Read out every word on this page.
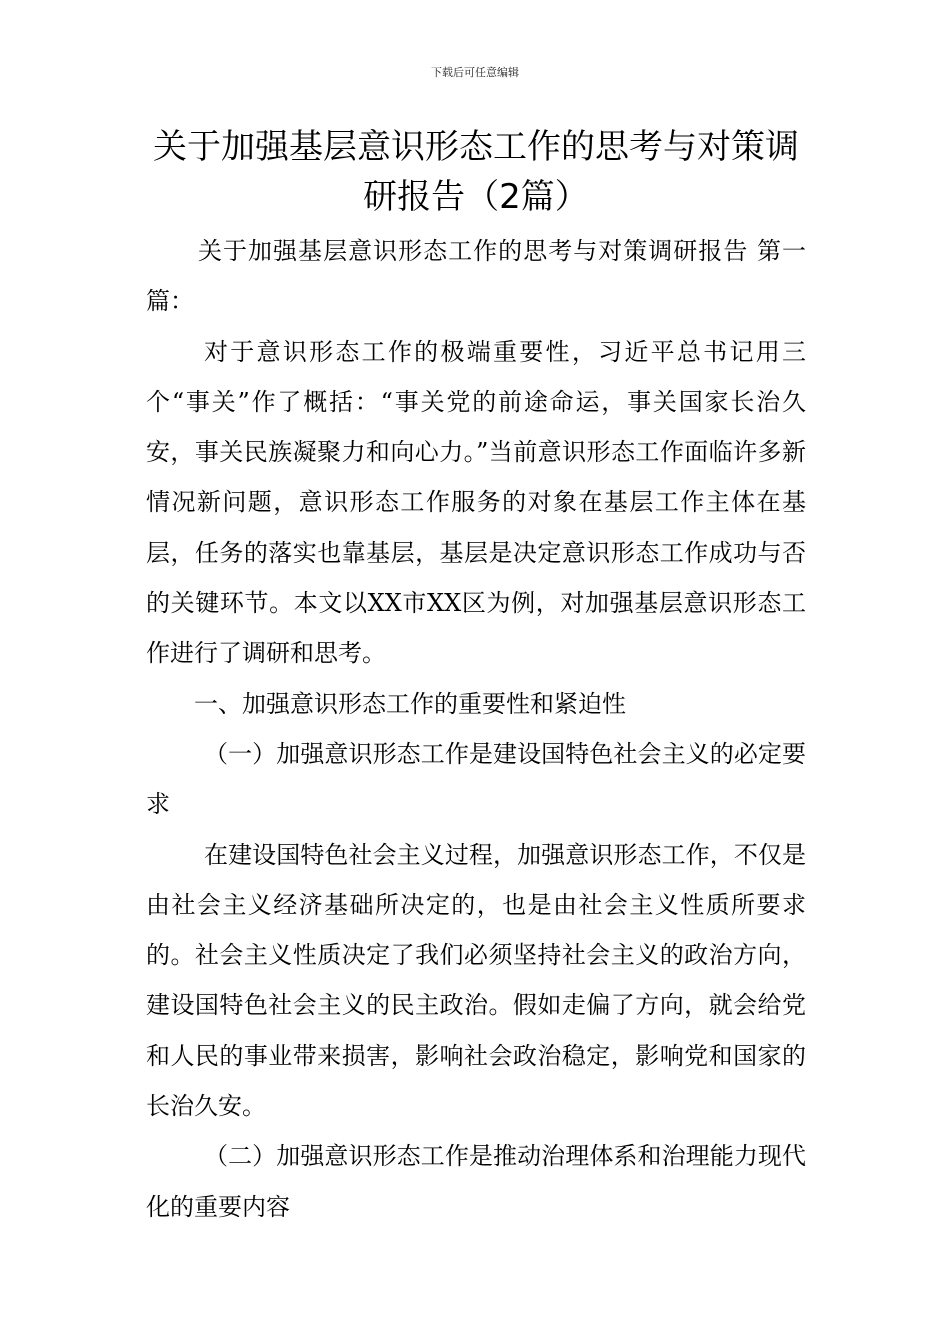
下载后可任意编辑
关于加强基层意识形态工作的思考与对策调研报告（2篇）

关于加强基层意识形态工作的思考与对策调研报告 第一篇：

对于意识形态工作的极端重要性，习近平总书记用三个“事关”作了概括：“事关党的前途命运，事关国家长治久安，事关民族凝聚力和向心力。”当前意识形态工作面临许多新情况新问题，意识形态工作服务的对象在基层工作主体在基层，任务的落实也靠基层，基层是决定意识形态工作成功与否的关键环节。本文以XX市XX区为例，对加强基层意识形态工作进行了调研和思考。

一、加强意识形态工作的重要性和紧迫性

（一）加强意识形态工作是建设国特色社会主义的必定要求

在建设国特色社会主义过程，加强意识形态工作，不仅是由社会主义经济基础所决定的，也是由社会主义性质所要求的。社会主义性质决定了我们必须坚持社会主义的政治方向，建设国特色社会主义的民主政治。假如走偏了方向，就会给党和人民的事业带来损害，影响社会政治稳定，影响党和国家的长治久安。

（二）加强意识形态工作是推动治理体系和治理能力现代化的重要内容
